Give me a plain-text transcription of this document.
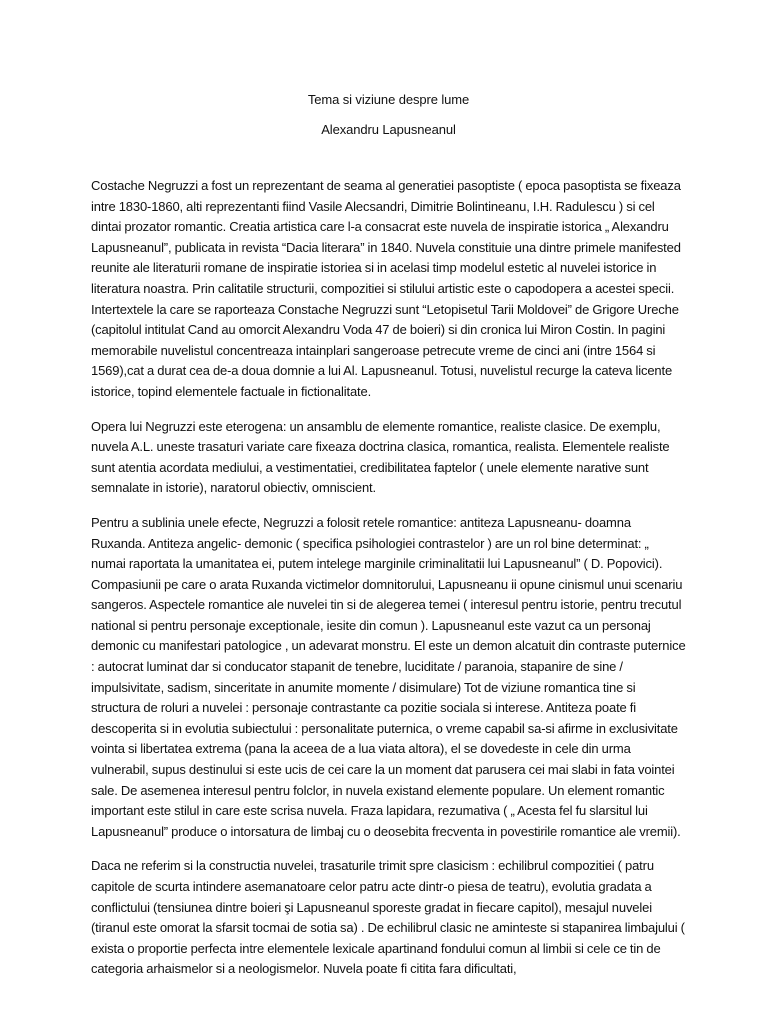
Tema si viziune despre lume

Alexandru Lapusneanul

Costache Negruzzi a fost un reprezentant de seama al generatiei pasoptiste ( epoca pasoptista se fixeaza intre 1830-1860, alti reprezentanti fiind Vasile Alecsandri, Dimitrie Bolintineanu, I.H. Radulescu ) si cel dintai prozator romantic. Creatia artistica care l-a consacrat este nuvela de inspiratie istorica „ Alexandru Lapusneanul”, publicata in revista “Dacia literara” in 1840. Nuvela constituie una dintre primele manifested reunite ale literaturii romane de inspiratie istoriea si in acelasi timp modelul estetic al nuvelei istorice in literatura noastra. Prin calitatile structurii, compozitiei si stilului artistic este o capodopera a acestei specii. Intertextele la care se raporteaza Constache Negruzzi sunt “Letopisetul Tarii Moldovei” de Grigore Ureche (capitolul intitulat Cand au omorcit Alexandru Voda 47 de boieri) si din cronica lui Miron Costin. In pagini memorabile nuvelistul concentreaza intainplari sangeroase petrecute vreme de cinci ani (intre 1564 si 1569),cat a durat cea de-a doua domnie a lui Al. Lapusneanul. Totusi, nuvelistul recurge la cateva licente istorice, topind elementele factuale in fictionalitate.

Opera lui Negruzzi este eterogena: un ansamblu de elemente romantice, realiste clasice. De exemplu, nuvela A.L. uneste trasaturi variate care fixeaza doctrina clasica, romantica, realista. Elementele realiste sunt atentia acordata mediului, a vestimentatiei, credibilitatea faptelor ( unele elemente narative sunt semnalate in istorie), naratorul obiectiv, omniscient.

Pentru a sublinia unele efecte, Negruzzi a folosit retele romantice: antiteza Lapusneanu- doamna Ruxanda. Antiteza angelic- demonic ( specifica psihologiei contrastelor ) are un rol bine determinat: „ numai raportata la umanitatea ei, putem intelege marginile criminalitatii lui Lapusneanul” ( D. Popovici). Compasiunii pe care o arata Ruxanda victimelor domnitorului, Lapusneanu ii opune cinismul unui scenariu sangeros. Aspectele romantice ale nuvelei tin si de alegerea temei ( interesul pentru istorie, pentru trecutul national si pentru personaje exceptionale, iesite din comun ). Lapusneanul este vazut ca un personaj demonic cu manifestari patologice , un adevarat monstru. El este un demon alcatuit din contraste puternice : autocrat luminat dar si conducator stapanit de tenebre, luciditate / paranoia, stapanire de sine / impulsivitate, sadism, sinceritate in anumite momente / disimulare) Tot de viziune romantica tine si structura de roluri a nuvelei : personaje contrastante ca pozitie sociala si interese. Antiteza poate fi descoperita si in evolutia subiectului : personalitate puternica, o vreme capabil sa-si afirme in exclusivitate vointa si libertatea extrema (pana la aceea de a lua viata altora), el se dovedeste in cele din urma vulnerabil, supus destinului si este ucis de cei care la un moment dat parusera cei mai slabi in fata vointei sale. De asemenea interesul pentru folclor, in nuvela existand elemente populare. Un element romantic important este stilul in care este scrisa nuvela. Fraza lapidara, rezumativa ( „ Acesta fel fu slarsitul lui Lapusneanul” produce o intorsatura de limbaj cu o deosebita frecventa in povestirile romantice ale vremii).

Daca ne referim si la constructia nuvelei, trasaturile trimit spre clasicism : echilibrul compozitiei ( patru capitole de scurta intindere asemanatoare celor patru acte dintr-o piesa de teatru), evolutia gradata a conflictului (tensiunea dintre boieri şi Lapusneanul sporeste gradat in fiecare capitol), mesajul nuvelei (tiranul este omorat la sfarsit tocmai de sotia sa) . De echilibrul clasic ne aminteste si stapanirea limbajului ( exista o proportie perfecta intre elementele lexicale apartinand fondului comun al limbii si cele ce tin de categoria arhaismelor si a neologismelor. Nuvela poate fi citita fara dificultati,
